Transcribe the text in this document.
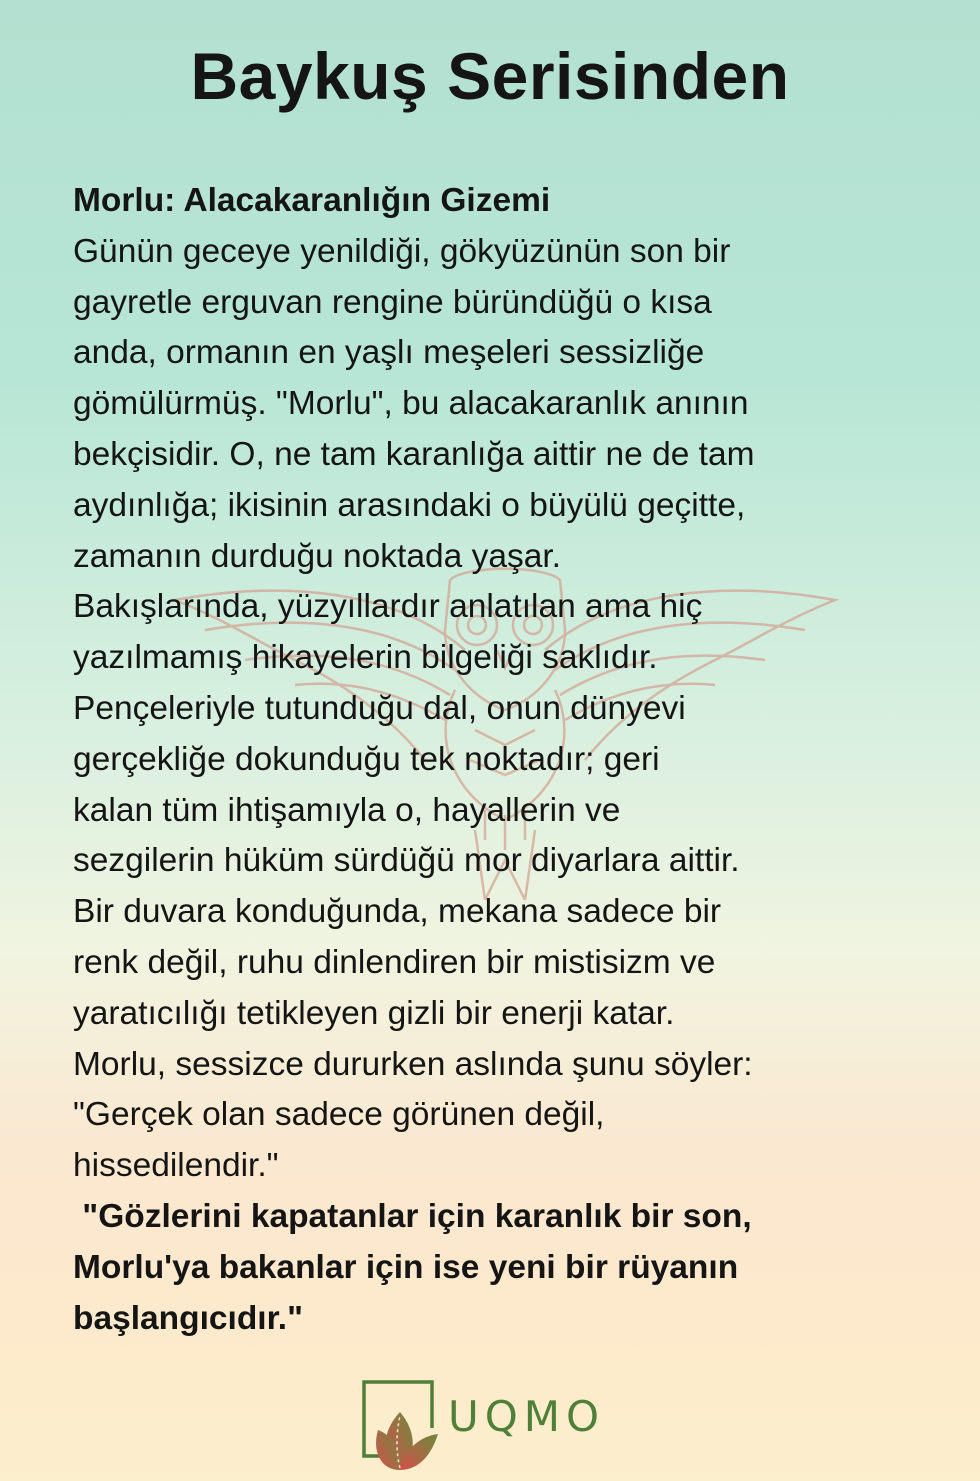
Baykuş Serisinden
Morlu: Alacakaranlığın Gizemi
Günün geceye yenildiği, gökyüzünün son bir
gayretle erguvan rengine büründüğü o kısa
anda, ormanın en yaşlı meşeleri sessizliğe
gömülürmüş. "Morlu", bu alacakaranlık anının
bekçisidir. O, ne tam karanlığa aittir ne de tam
aydınlığa; ikisinin arasındaki o büyülü geçitte,
zamanın durduğu noktada yaşar.
Bakışlarında, yüzyıllardır anlatılan ama hiç
yazılmamış hikayelerin bilgeliği saklıdır.
Pençeleriyle tutunduğu dal, onun dünyevi
gerçekliğe dokunduğu tek noktadır; geri
kalan tüm ihtişamıyla o, hayallerin ve
sezgilerin hüküm sürdüğü mor diyarlara aittir.
Bir duvara konduğunda, mekana sadece bir
renk değil, ruhu dinlendiren bir mistisizm ve
yaratıcılığı tetikleyen gizli bir enerji katar.
Morlu, sessizce dururken aslında şunu söyler:
"Gerçek olan sadece görünen değil,
hissedilendir."
"Gözlerini kapatanlar için karanlık bir son,
Morlu'ya bakanlar için ise yeni bir rüyanın
başlangıcıdır."
UQMO
